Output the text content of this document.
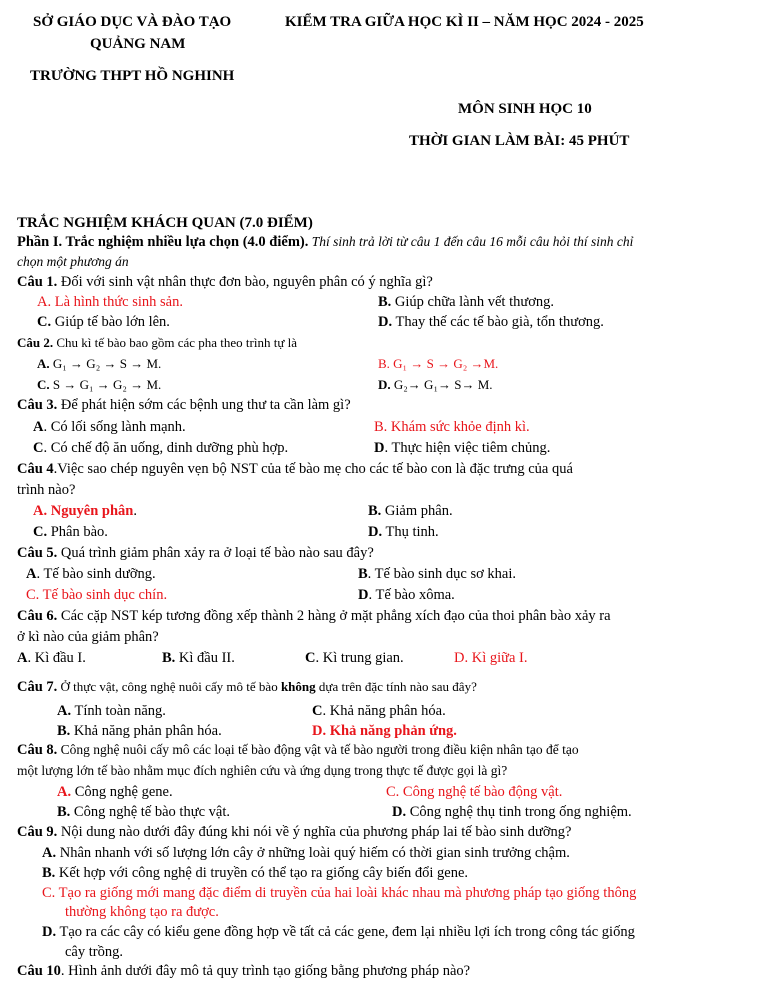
SỞ GIÁO DỤC VÀ ĐÀO TẠO
QUẢNG NAM
KIỂM TRA GIỮA HỌC KÌ II – NĂM HỌC 2024 - 2025
TRƯỜNG THPT HỒ NGHINH
MÔN SINH HỌC 10
THỜI GIAN LÀM BÀI: 45 PHÚT
TRẮC NGHIỆM KHÁCH QUAN (7.0 ĐIỂM)
Phần I. Trắc nghiệm nhiều lựa chọn (4.0 điểm). Thí sinh trả lời từ câu 1 đến câu 16 mỗi câu hỏi thí sinh chỉ
chọn một phương án
Câu 1. Đối với sinh vật nhân thực đơn bào, nguyên phân có ý nghĩa gì?
A. Là hình thức sinh sản.	B. Giúp chữa lành vết thương.
C. Giúp tế bào lớn lên.	D. Thay thế các tế bào già, tổn thương.
Câu 2. Chu kì tế bào bao gồm các pha theo trình tự là
A. G₁ → G₂ → S → M.	B. G₁ → S → G₂ →M.
C. S → G₁ → G₂ → M.	D. G₂→ G₁→ S→ M.
Câu 3. Để phát hiện sớm các bệnh ung thư ta cần làm gì?
A. Có lối sống lành mạnh.	B. Khám sức khỏe định kì.
C. Có chế độ ăn uống, dinh dưỡng phù hợp.	D. Thực hiện việc tiêm chủng.
Câu 4.Việc sao chép nguyên vẹn bộ NST của tế bào mẹ cho các tế bào con là đặc trưng của quá
trình nào?
A. Nguyên phân.	B. Giảm phân.
C. Phân bào.	D. Thụ tinh.
Câu 5. Quá trình giảm phân xảy ra ở loại tế bào nào sau đây?
A. Tế bào sinh dưỡng.	B. Tế bào sinh dục sơ khai.
C. Tế bào sinh dục chín.	D. Tế bào xôma.
Câu 6. Các cặp NST kép tương đồng xếp thành 2 hàng ở mặt phẳng xích đạo của thoi phân bào xảy ra
ở kì nào của giảm phân?
A. Kì đầu I.	B. Kì đầu II.	C. Kì trung gian.	D. Kì giữa I.
Câu 7. Ở thực vật, công nghệ nuôi cấy mô tế bào không dựa trên đặc tính nào sau đây?
A. Tính toàn năng.	C. Khả năng phân hóa.
B. Khả năng phản phân hóa.	D. Khả năng phản ứng.
Câu 8. Công nghệ nuôi cấy mô các loại tế bào động vật và tế bào người trong điều kiện nhân tạo để tạo
một lượng lớn tế bào nhằm mục đích nghiên cứu và ứng dụng trong thực tế được gọi là gì?
A. Công nghệ gene.	C. Công nghệ tế bào động vật.
B. Công nghệ tế bào thực vật.	D. Công nghệ thụ tinh trong ống nghiệm.
Câu 9. Nội dung nào dưới đây đúng khi nói về ý nghĩa của phương pháp lai tế bào sinh dưỡng?
A. Nhân nhanh với số lượng lớn cây ở những loài quý hiếm có thời gian sinh trưởng chậm.
B. Kết hợp với công nghệ di truyền có thể tạo ra giống cây biến đổi gene.
C. Tạo ra giống mới mang đặc điểm di truyền của hai loài khác nhau mà phương pháp tạo giống thông
thường không tạo ra được.
D. Tạo ra các cây có kiểu gene đồng hợp về tất cả các gene, đem lại nhiều lợi ích trong công tác giống
cây trồng.
Câu 10. Hình ảnh dưới đây mô tả quy trình tạo giống bằng phương pháp nào?
